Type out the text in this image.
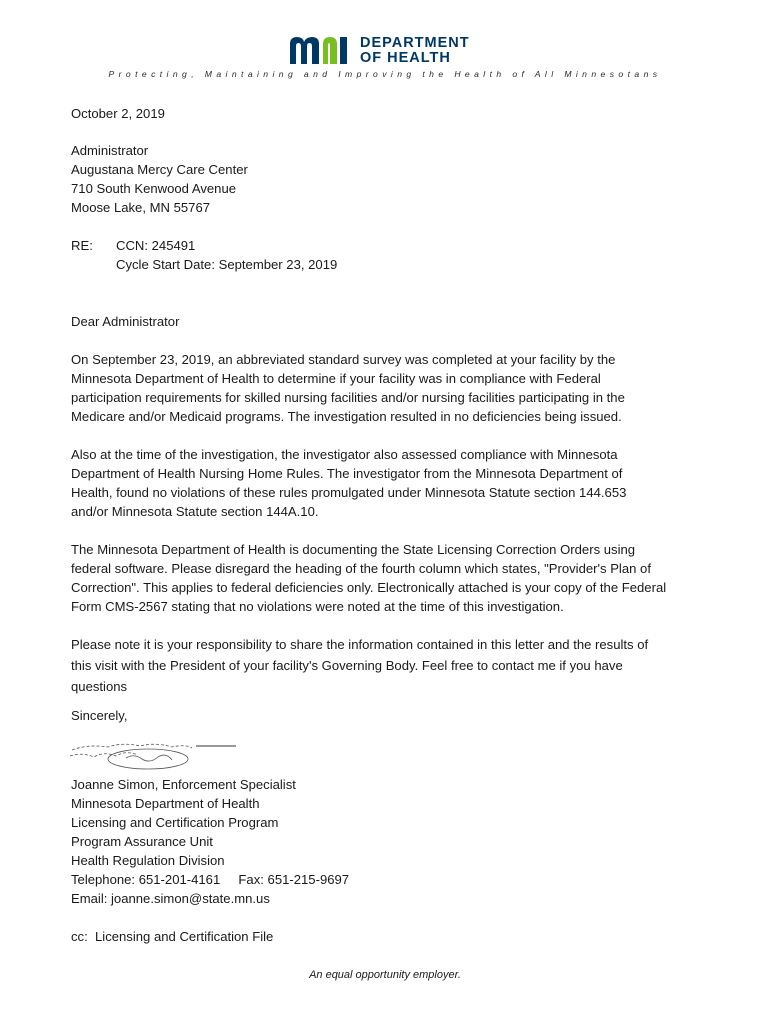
DEPARTMENT
OF HEALTH
Protecting, Maintaining and Improving the Health of All Minnesotans
October 2, 2019
Administrator
Augustana Mercy Care Center
710 South Kenwood Avenue
Moose Lake, MN 55767
RE: CCN: 245491
Cycle Start Date: September 23, 2019
Dear Administrator
On September 23, 2019, an abbreviated standard survey was completed at your facility by the
Minnesota Department of Health to determine if your facility was in compliance with Federal
participation requirements for skilled nursing facilities and/or nursing facilities participating in the
Medicare and/or Medicaid programs. The investigation resulted in no deficiencies being issued.
Also at the time of the investigation, the investigator also assessed compliance with Minnesota
Department of Health Nursing Home Rules. The investigator from the Minnesota Department of
Health, found no violations of these rules promulgated under Minnesota Statute section 144.653
and/or Minnesota Statute section 144A.10.
The Minnesota Department of Health is documenting the State Licensing Correction Orders using
federal software. Please disregard the heading of the fourth column which states, "Provider's Plan of
Correction". This applies to federal deficiencies only. Electronically attached is your copy of the Federal
Form CMS-2567 stating that no violations were noted at the time of this investigation.
Please note it is your responsibility to share the information contained in this letter and the results of
this visit with the President of your facility's Governing Body. Feel free to contact me if you have
questions
Sincerely,
Joanne Simon, Enforcement Specialist
Minnesota Department of Health
Licensing and Certification Program
Program Assurance Unit
Health Regulation Division
Telephone: 651-201-4161     Fax: 651-215-9697
Email: joanne.simon@state.mn.us
cc:  Licensing and Certification File
An equal opportunity employer.
